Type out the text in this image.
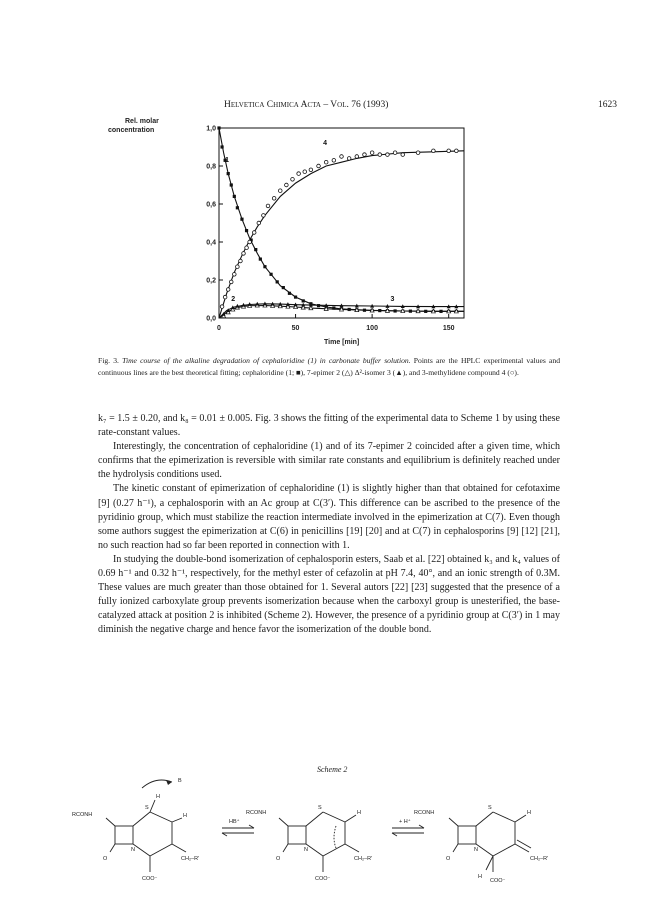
Helvetica Chimica Acta – Vol. 76 (1993)	1623
Rel. molar
concentration
0	50	100	150
0,0
0,2
0,4
0,6
0,8
1,0
1
2	3
4
Time [min]
Fig. 3. Time course of the alkaline degradation of cephaloridine (1) in carbonate buffer solution. Points are the HPLC experimental values and continuous lines are the best theoretical fitting; cephaloridine (1; ■), 7-epimer 2 (△) Δ²-isomer 3 (▲), and 3-methylidene compound 4 (○).

k₇ = 1.5 ± 0.20, and k₈ = 0.01 ± 0.005. Fig. 3 shows the fitting of the experimental data to Scheme 1 by using these rate-constant values.

Interestingly, the concentration of cephaloridine (1) and of its 7-epimer 2 coincided after a given time, which confirms that the epimerization is reversible with similar rate constants and equilibrium is definitely reached under the hydrolysis conditions used.

The kinetic constant of epimerization of cephaloridine (1) is slightly higher than that obtained for cefotaxime [9] (0.27 h⁻¹), a cephalosporin with an Ac group at C(3′). This difference can be ascribed to the presence of the pyridinio group, which must stabilize the reaction intermediate involved in the epimerization at C(7). Even though some authors suggest the epimerization at C(6) in penicillins [19] [20] and at C(7) in cephalosporins [9] [12] [21], no such reaction had so far been reported in connection with 1.

In studying the double-bond isomerization of cephalosporin esters, Saab et al. [22] obtained k₃ and k₄ values of 0.69 h⁻¹ and 0.32 h⁻¹, respectively, for the methyl ester of cefazolin at pH 7.4, 40°, and an ionic strength of 0.3M. These values are much greater than those obtained for 1. Several autors [22] [23] suggested that the presence of a fully ionized carboxylate group prevents isomerization because when the carboxyl group is unesterified, the base-catalyzed attack at position 2 is inhibited (Scheme 2). However, the presence of a pyridinio group at C(3′) in 1 may diminish the negative charge and hence favor the isomerization of the double bond.

Scheme 2
RCONH
S
H
B
H
N
O	CH₂–R'
COO⁻
HB⁺
RCONH
S
H
N
O	CH₂–R'
COO⁻
+ H⁺
RCONH
S
H
N
O	CH₂–R'
H
COO⁻
